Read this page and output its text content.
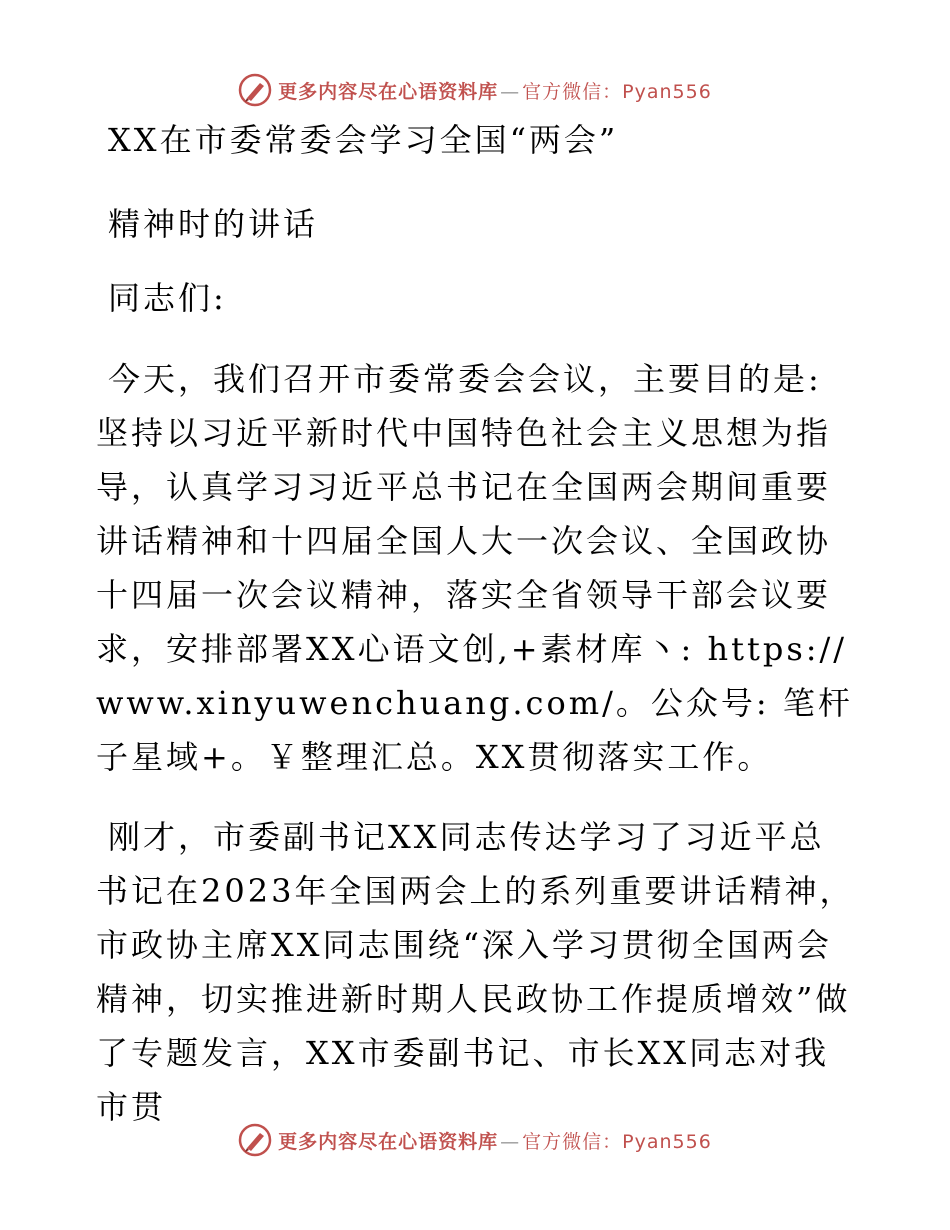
更多内容尽在心语资料库 — 官方微信：Pyan556

XX在市委常委会学习全国“两会”

精神时的讲话

同志们:

今天，我们召开市委常委会会议，主要目的是:坚持以习近平新时代中国特色社会主义思想为指导，认真学习习近平总书记在全国两会期间重要讲话精神和十四届全国人大一次会议、全国政协十四届一次会议精神，落实全省领导干部会议要求，安排部署XX心语文创,+素材库丶: https://www.xinyuwenchuang.com/。公众号: 笔杆子星域+。￥整理汇总。XX贯彻落实工作。

刚才，市委副书记XX同志传达学习了习近平总书记在2023年全国两会上的系列重要讲话精神，市政协主席XX同志围绕“深入学习贯彻全国两会精神，切实推进新时期人民政协工作提质增效”做了专题发言，XX市委副书记、市长XX同志对我市贯

更多内容尽在心语资料库 — 官方微信：Pyan556
